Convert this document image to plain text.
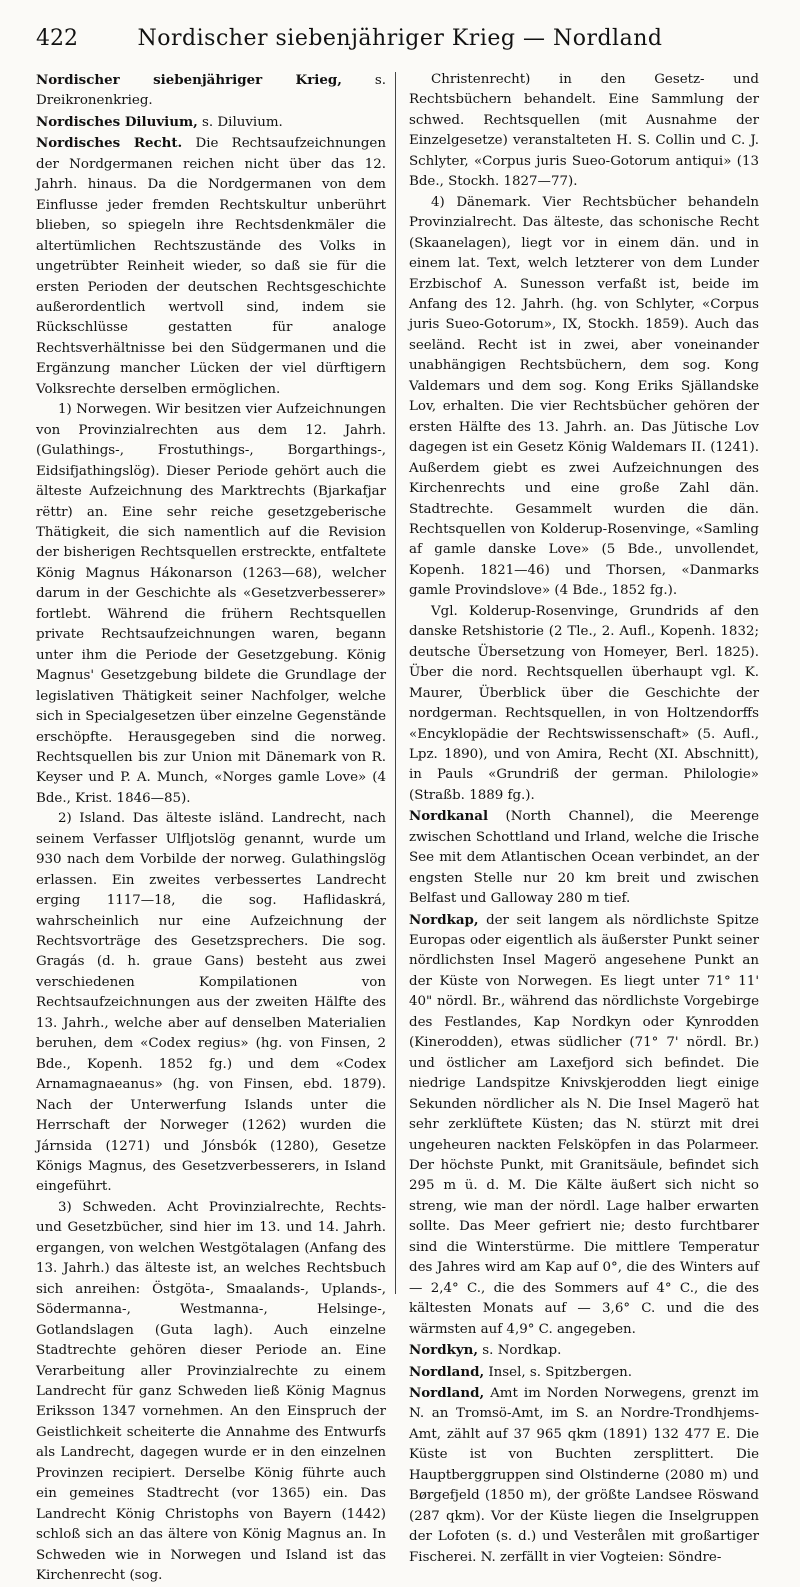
422	Nordischer siebenjähriger Krieg — Nordland

Nordischer siebenjähriger Krieg, s. Dreikronenkrieg.

Nordisches Diluvium, s. Diluvium.

Nordisches Recht. Die Rechtsaufzeichnungen der Nordgermanen reichen nicht über das 12. Jahrh. hinaus. Da die Nordgermanen von dem Einflusse jeder fremden Rechtskultur unberührt blieben, so spiegeln ihre Rechtsdenkmäler die altertümlichen Rechtszustände des Volks in ungetrübter Reinheit wieder, so daß sie für die ersten Perioden der deutschen Rechtsgeschichte außerordentlich wertvoll sind, indem sie Rückschlüsse gestatten für analoge Rechtsverhältnisse bei den Südgermanen und die Ergänzung mancher Lücken der viel dürftigern Volksrechte derselben ermöglichen.

1) Norwegen. Wir besitzen vier Aufzeichnungen von Provinzialrechten aus dem 12. Jahrh. (Gulathings-, Frostuthings-, Borgarthings-, Eidsifjathingslög). Dieser Periode gehört auch die älteste Aufzeichnung des Marktrechts (Bjarkafjar rëttr) an. Eine sehr reiche gesetzgeberische Thätigkeit, die sich namentlich auf die Revision der bisherigen Rechtsquellen erstreckte, entfaltete König Magnus Hákonarson (1263—68), welcher darum in der Geschichte als «Gesetzverbesserer» fortlebt. Während die frühern Rechtsquellen private Rechtsaufzeichnungen waren, begann unter ihm die Periode der Gesetzgebung. König Magnus' Gesetzgebung bildete die Grundlage der legislativen Thätigkeit seiner Nachfolger, welche sich in Specialgesetzen über einzelne Gegenstände erschöpfte. Herausgegeben sind die norweg. Rechtsquellen bis zur Union mit Dänemark von R. Keyser und P. A. Munch, «Norges gamle Love» (4 Bde., Krist. 1846—85).

2) Island. Das älteste isländ. Landrecht, nach seinem Verfasser Ulfljotslög genannt, wurde um 930 nach dem Vorbilde der norweg. Gulathingslög erlassen. Ein zweites verbessertes Landrecht erging 1117—18, die sog. Haflidaskrá, wahrscheinlich nur eine Aufzeichnung der Rechtsvorträge des Gesetzsprechers. Die sog. Gragás (d. h. graue Gans) besteht aus zwei verschiedenen Kompilationen von Rechtsaufzeichnungen aus der zweiten Hälfte des 13. Jahrh., welche aber auf denselben Materialien beruhen, dem «Codex regius» (hg. von Finsen, 2 Bde., Kopenh. 1852 fg.) und dem «Codex Arnamagnaeanus» (hg. von Finsen, ebd. 1879). Nach der Unterwerfung Islands unter die Herrschaft der Norweger (1262) wurden die Járnsida (1271) und Jónsbók (1280), Gesetze Königs Magnus, des Gesetzverbesserers, in Island eingeführt.

3) Schweden. Acht Provinzialrechte, Rechts- und Gesetzbücher, sind hier im 13. und 14. Jahrh. ergangen, von welchen Westgötalagen (Anfang des 13. Jahrh.) das älteste ist, an welches Rechtsbuch sich anreihen: Östgöta-, Smaalands-, Uplands-, Södermanna-, Westmanna-, Helsinge-, Gotlandslagen (Guta lagh). Auch einzelne Stadtrechte gehören dieser Periode an. Eine Verarbeitung aller Provinzialrechte zu einem Landrecht für ganz Schweden ließ König Magnus Eriksson 1347 vornehmen. An den Einspruch der Geistlichkeit scheiterte die Annahme des Entwurfs als Landrecht, dagegen wurde er in den einzelnen Provinzen recipiert. Derselbe König führte auch ein gemeines Stadtrecht (vor 1365) ein. Das Landrecht König Christophs von Bayern (1442) schloß sich an das ältere von König Magnus an. In Schweden wie in Norwegen und Island ist das Kirchenrecht (sog.

Christenrecht) in den Gesetz- und Rechtsbüchern behandelt. Eine Sammlung der schwed. Rechtsquellen (mit Ausnahme der Einzelgesetze) veranstalteten H. S. Collin und C. J. Schlyter, «Corpus juris Sueo-Gotorum antiqui» (13 Bde., Stockh. 1827—77).

4) Dänemark. Vier Rechtsbücher behandeln Provinzialrecht. Das älteste, das schonische Recht (Skaanelagen), liegt vor in einem dän. und in einem lat. Text, welch letzterer von dem Lunder Erzbischof A. Sunesson verfaßt ist, beide im Anfang des 12. Jahrh. (hg. von Schlyter, «Corpus juris Sueo-Gotorum», IX, Stockh. 1859). Auch das seeländ. Recht ist in zwei, aber voneinander unabhängigen Rechtsbüchern, dem sog. Kong Valdemars und dem sog. Kong Eriks Själlandske Lov, erhalten. Die vier Rechtsbücher gehören der ersten Hälfte des 13. Jahrh. an. Das Jütische Lov dagegen ist ein Gesetz König Waldemars II. (1241). Außerdem giebt es zwei Aufzeichnungen des Kirchenrechts und eine große Zahl dän. Stadtrechte. Gesammelt wurden die dän. Rechtsquellen von Kolderup-Rosenvinge, «Samling af gamle danske Love» (5 Bde., unvollendet, Kopenh. 1821—46) und Thorsen, «Danmarks gamle Provindslove» (4 Bde., 1852 fg.).

Vgl. Kolderup-Rosenvinge, Grundrids af den danske Retshistorie (2 Tle., 2. Aufl., Kopenh. 1832; deutsche Übersetzung von Homeyer, Berl. 1825). Über die nord. Rechtsquellen überhaupt vgl. K. Maurer, Überblick über die Geschichte der nordgerman. Rechtsquellen, in von Holtzendorffs «Encyklopädie der Rechtswissenschaft» (5. Aufl., Lpz. 1890), und von Amira, Recht (XI. Abschnitt), in Pauls «Grundriß der german. Philologie» (Straßb. 1889 fg.).

Nordkanal (North Channel), die Meerenge zwischen Schottland und Irland, welche die Irische See mit dem Atlantischen Ocean verbindet, an der engsten Stelle nur 20 km breit und zwischen Belfast und Galloway 280 m tief.

Nordkap, der seit langem als nördlichste Spitze Europas oder eigentlich als äußerster Punkt seiner nördlichsten Insel Magerö angesehene Punkt an der Küste von Norwegen. Es liegt unter 71° 11' 40" nördl. Br., während das nördlichste Vorgebirge des Festlandes, Kap Nordkyn oder Kynrodden (Kinerodden), etwas südlicher (71° 7' nördl. Br.) und östlicher am Laxefjord sich befindet. Die niedrige Landspitze Knivskjerodden liegt einige Sekunden nördlicher als N. Die Insel Magerö hat sehr zerklüftete Küsten; das N. stürzt mit drei ungeheuren nackten Felsköpfen in das Polarmeer. Der höchste Punkt, mit Granitsäule, befindet sich 295 m ü. d. M. Die Kälte äußert sich nicht so streng, wie man der nördl. Lage halber erwarten sollte. Das Meer gefriert nie; desto furchtbarer sind die Winterstürme. Die mittlere Temperatur des Jahres wird am Kap auf 0°, die des Winters auf — 2,4° C., die des Sommers auf 4° C., die des kältesten Monats auf — 3,6° C. und die des wärmsten auf 4,9° C. angegeben.

Nordkyn, s. Nordkap.

Nordland, Insel, s. Spitzbergen.

Nordland, Amt im Norden Norwegens, grenzt im N. an Tromsö-Amt, im S. an Nordre-Trondhjems-Amt, zählt auf 37 965 qkm (1891) 132 477 E. Die Küste ist von Buchten zersplittert. Die Hauptberggruppen sind Olstinderne (2080 m) und Børgefjeld (1850 m), der größte Landsee Röswand (287 qkm). Vor der Küste liegen die Inselgruppen der Lofoten (s. d.) und Vesterålen mit großartiger Fischerei. N. zerfällt in vier Vogteien: Söndre-
